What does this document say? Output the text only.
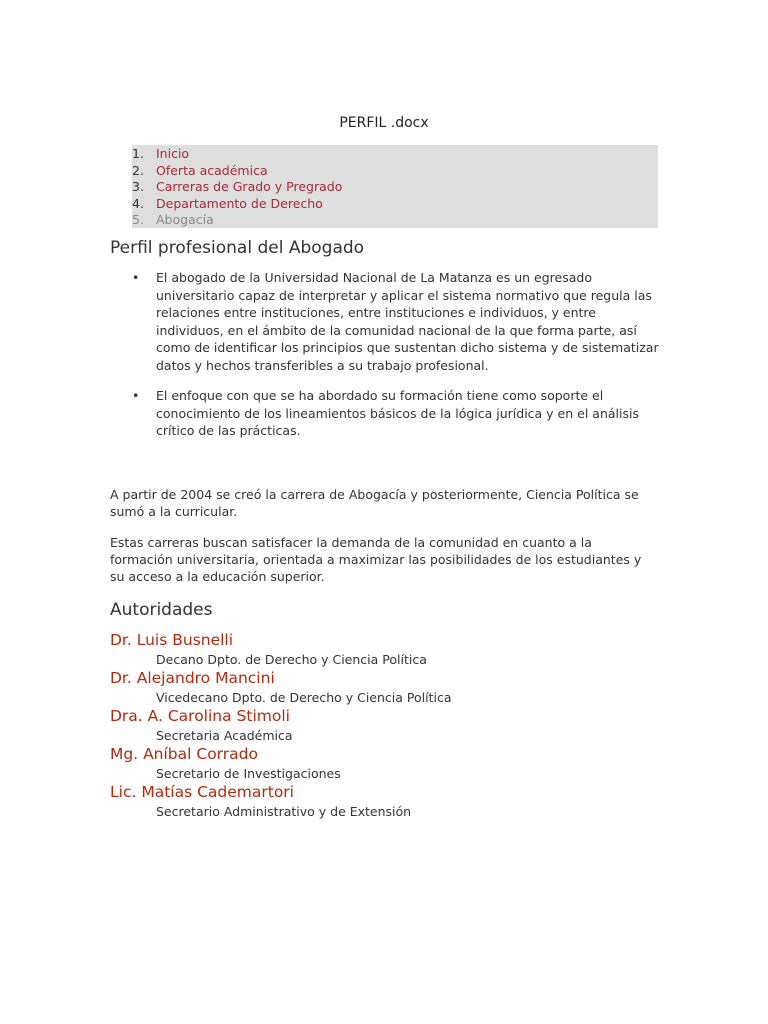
PERFIL .docx
1. Inicio
2. Oferta académica
3. Carreras de Grado y Pregrado
4. Departamento de Derecho
5. Abogacía
Perfil profesional del Abogado
• El abogado de la Universidad Nacional de La Matanza es un egresado universitario capaz de interpretar y aplicar el sistema normativo que regula las relaciones entre instituciones, entre instituciones e individuos, y entre individuos, en el ámbito de la comunidad nacional de la que forma parte, así como de identificar los principios que sustentan dicho sistema y de sistematizar datos y hechos transferibles a su trabajo profesional.
• El enfoque con que se ha abordado su formación tiene como soporte el conocimiento de los lineamientos básicos de la lógica jurídica y en el análisis crítico de las prácticas.
A partir de 2004 se creó la carrera de Abogacía y posteriormente, Ciencia Política se sumó a la curricular.
Estas carreras buscan satisfacer la demanda de la comunidad en cuanto a la formación universitaria, orientada a maximizar las posibilidades de los estudiantes y su acceso a la educación superior.
Autoridades
Dr. Luis Busnelli
Decano Dpto. de Derecho y Ciencia Política
Dr. Alejandro Mancini
Vicedecano Dpto. de Derecho y Ciencia Política
Dra. A. Carolina Stimoli
Secretaria Académica
Mg. Aníbal Corrado
Secretario de Investigaciones
Lic. Matías Cademartori
Secretario Administrativo y de Extensión
